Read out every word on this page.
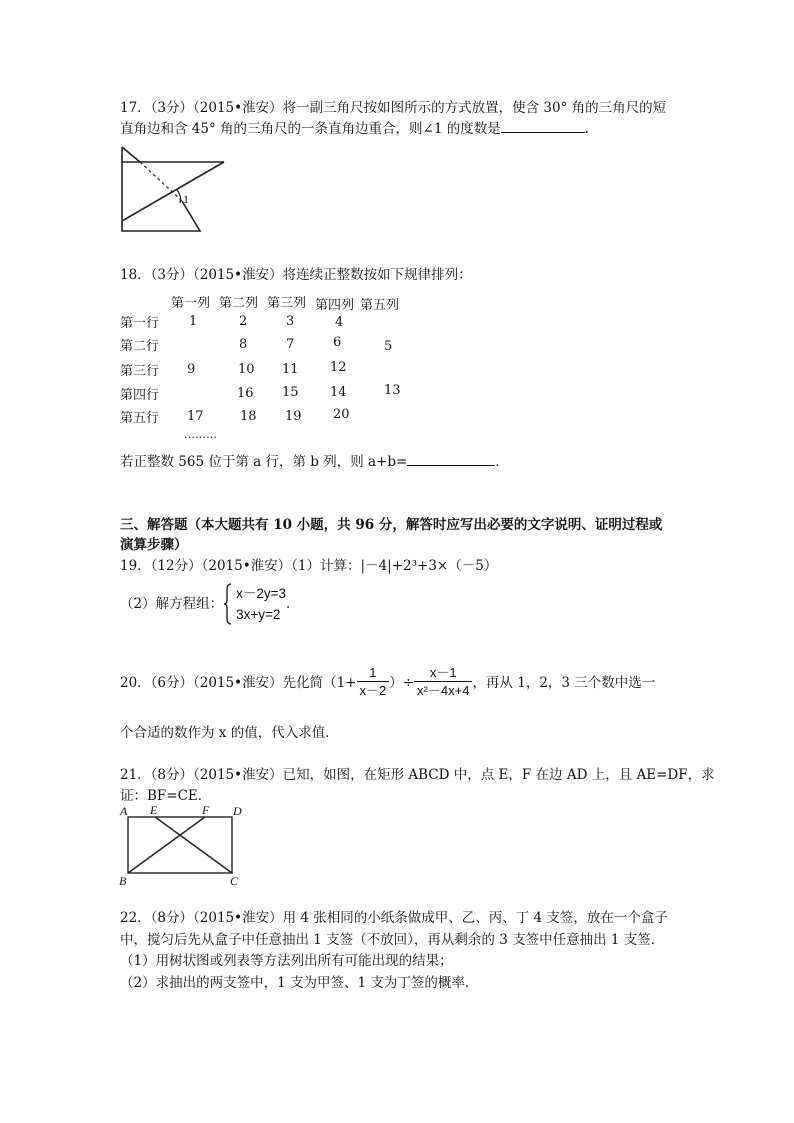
17．（3分）（2015•淮安）将一副三角尺按如图所示的方式放置，使含 30° 角的三角尺的短
直角边和含 45° 角的三角尺的一条直角边重合，则∠1 的度数是	．
1
18．（3分）（2015•淮安）将连续正整数按如下规律排列：
第一列 第二列 第三列 第四列 第五列
第一行 1	2	3	4
第二行	8	7	6	5
第三行 9	10 11 12
第四行	16 15 14	13
第五行 17	18 19 20
………
若正整数 565 位于第 a 行，第 b 列，则 a+b=	．
三、解答题（本大题共有 10 小题，共 96 分，解答时应写出必要的文字说明、证明过程或
演算步骤）
19．（12分）（2015•淮安）（1）计算：|－4|+2³+3×（－5）
（2）解方程组：
x－2y=3
3x+y=2
．
20．（6分）（2015•淮安）先化简（$1+ \frac{1}{x-2}$ ）÷ $\frac{x-1}{\text{x²－4x+4}}$ ，再从 1，2，3 三个数中选一
个合适的数作为 x 的值，代入求值．
21．（8分）（2015•淮安）已知，如图，在矩形 ABCD 中，点 E，F 在边 AD 上，且 AE=DF，求
证：BF=CE．
A E	F D
B	C
22．（8分）（2015•淮安）用 4 张相同的小纸条做成甲、乙、丙、丁 4 支签，放在一个盒子
中，搅匀后先从盒子中任意抽出 1 支签（不放回），再从剩余的 3 支签中任意抽出 1 支签．
（1）用树状图或列表等方法列出所有可能出现的结果；
（2）求抽出的两支签中，1 支为甲签、1 支为丁签的概率．
